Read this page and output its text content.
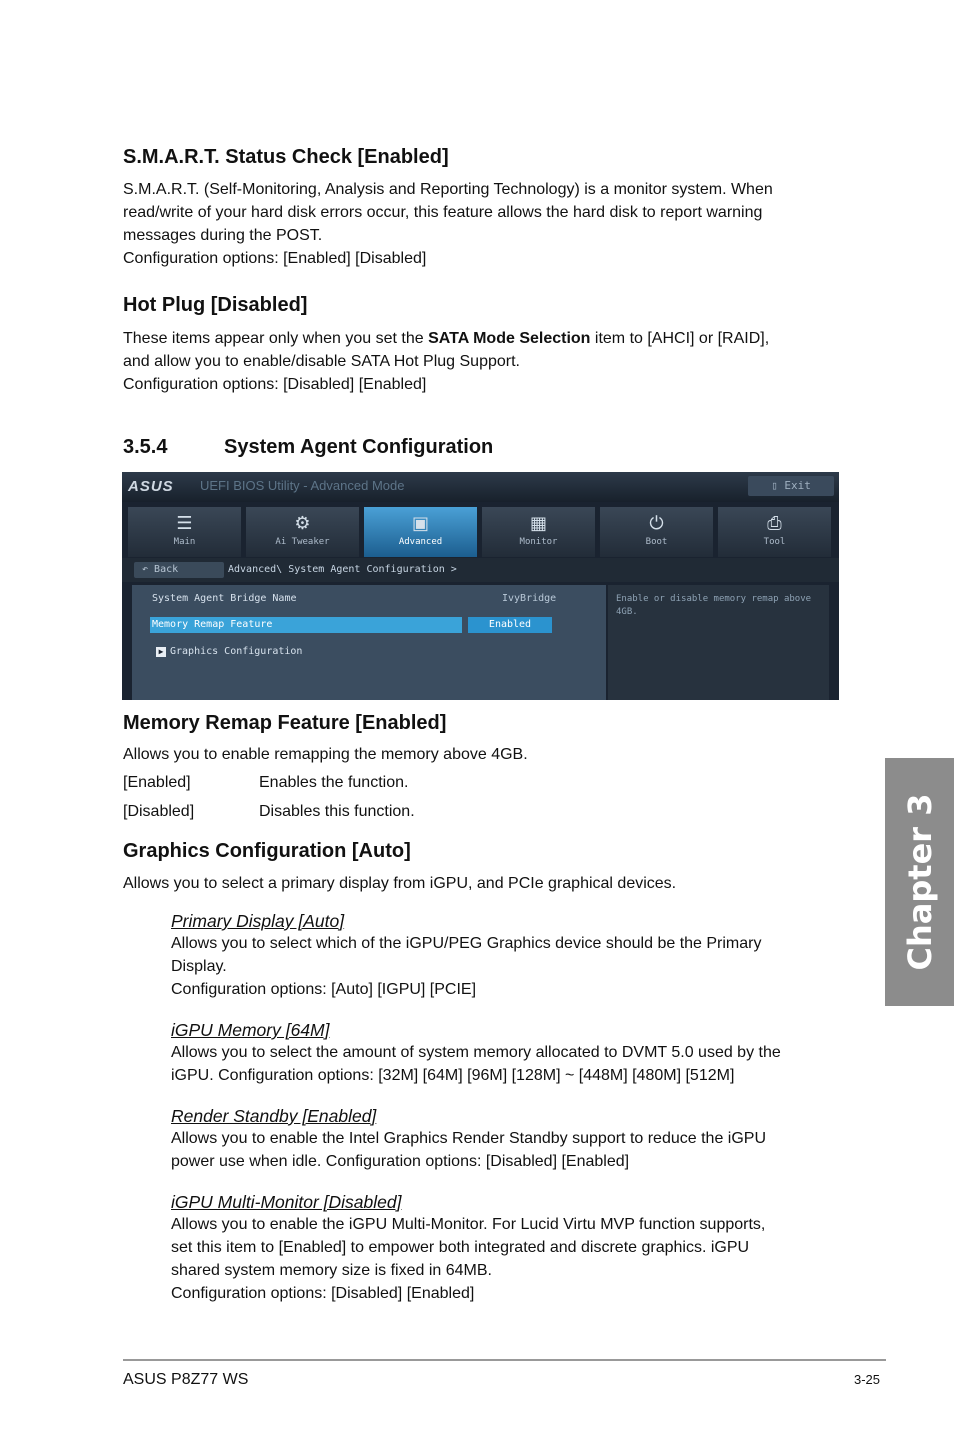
S.M.A.R.T. Status Check [Enabled]

S.M.A.R.T. (Self-Monitoring, Analysis and Reporting Technology) is a monitor system. When

read/write of your hard disk errors occur, this feature allows the hard disk to report warning

messages during the POST.

Configuration options: [Enabled] [Disabled]

Hot Plug [Disabled]

These items appear only when you set the SATA Mode Selection item to [AHCI] or [RAID],

and allow you to enable/disable SATA Hot Plug Support.

Configuration options: [Disabled] [Enabled]

3.5.4	System Agent Configuration
ASUS UEFI BIOS Utility - Advanced Mode	▯ Exit
☰
Main
⚙
Ai Tweaker
▣
Advanced
▦
Monitor
⏻
Boot
⎙
Tool
↶ Back	Advanced\ System Agent Configuration >
System Agent Bridge Name	IvyBridge
Memory Remap Feature	Enabled
▶ Graphics Configuration
Enable or disable memory remap above 4GB.
Memory Remap Feature [Enabled]

Allows you to enable remapping the memory above 4GB.

[Enabled]	Enables the function.

[Disabled]	Disables this function.

Graphics Configuration [Auto]

Allows you to select a primary display from iGPU, and PCIe graphical devices.

Primary Display [Auto]

Allows you to select which of the iGPU/PEG Graphics device should be the Primary

Display.

Configuration options: [Auto] [IGPU] [PCIE]

iGPU Memory [64M]

Allows you to select the amount of system memory allocated to DVMT 5.0 used by the

iGPU. Configuration options: [32M] [64M] [96M] [128M] ~ [448M] [480M] [512M]

Render Standby [Enabled]

Allows you to enable the Intel Graphics Render Standby support to reduce the iGPU

power use when idle. Configuration options: [Disabled] [Enabled]

iGPU Multi-Monitor [Disabled]

Allows you to enable the iGPU Multi-Monitor. For Lucid Virtu MVP function supports,

set this item to [Enabled] to empower both integrated and discrete graphics. iGPU

shared system memory size is fixed in 64MB.

Configuration options: [Disabled] [Enabled]

Chapter 3

ASUS P8Z77 WS	3-25
